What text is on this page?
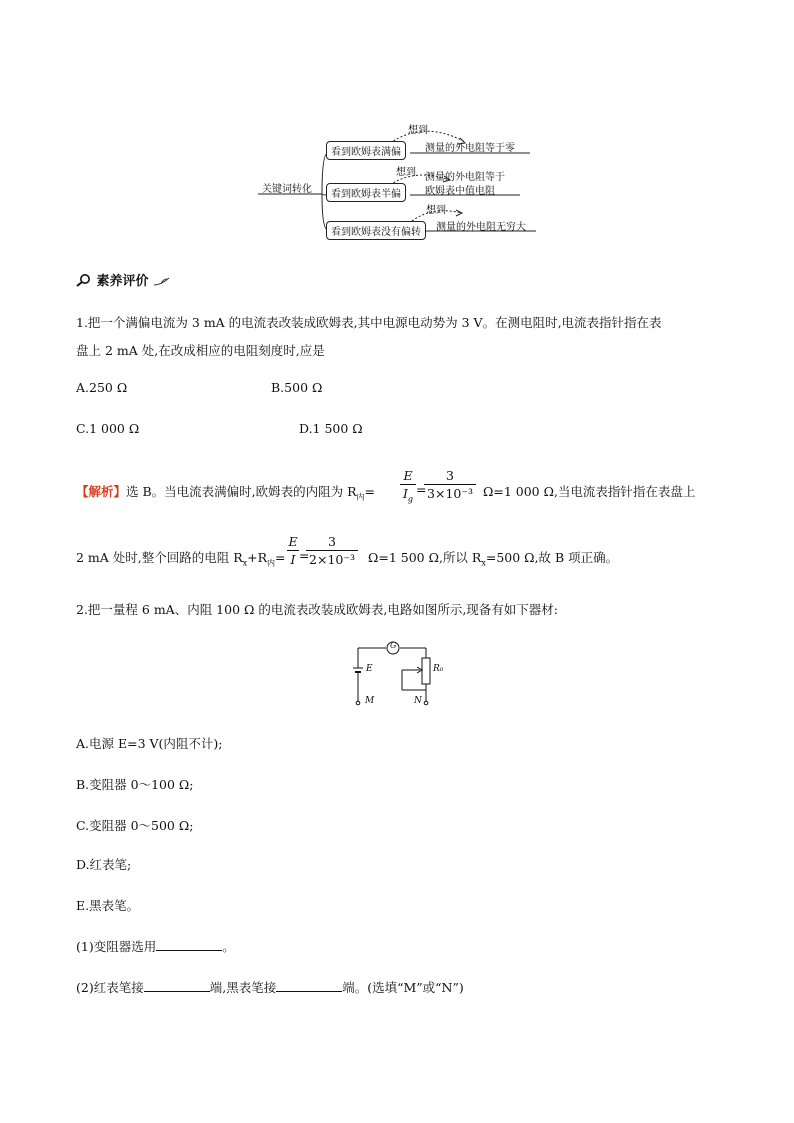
关键词转化
看到欧姆表满偏
想到
测量的外电阻等于零
看到欧姆表半偏
想到 测量的外电阻等于
欧姆表中值电阻
看到欧姆表没有偏转
想到
测量的外电阻无穷大
素养评价
1.把一个满偏电流为 3 mA 的电流表改装成欧姆表,其中电源电动势为 3 V。在测电阻时,电流表指针指在表
盘上 2 mA 处,在改成相应的电阻刻度时,应是
A.250 Ω	B.500 Ω
C.1 000 Ω	D.1 500 Ω
【解析】选 B。当电流表满偏时,欧姆表的内阻为 $R_内=$
E
$I_g$
=
3
3×10⁻³ Ω=1 000 Ω,当电流表指针指在表盘上
2 mA 处时,整个回路的电阻 $R_x+R_内=$
E
I =
3
2×10⁻³ Ω=1 500 Ω,所以 $R_x=500$ Ω,故 B 项正确。
2.把一量程 6 mA、内阻 100 Ω 的电流表改装成欧姆表,电路如图所示,现备有如下器材:
G
E	R₀
M	N
A.电源 E=3 V(内阻不计);
B.变阻器 0～100 Ω;
C.变阻器 0～500 Ω;
D.红表笔;
E.黑表笔。
(1)变阻器选用	。
(2)红表笔接	端,黑表笔接	端。(选填“M”或“N”)
